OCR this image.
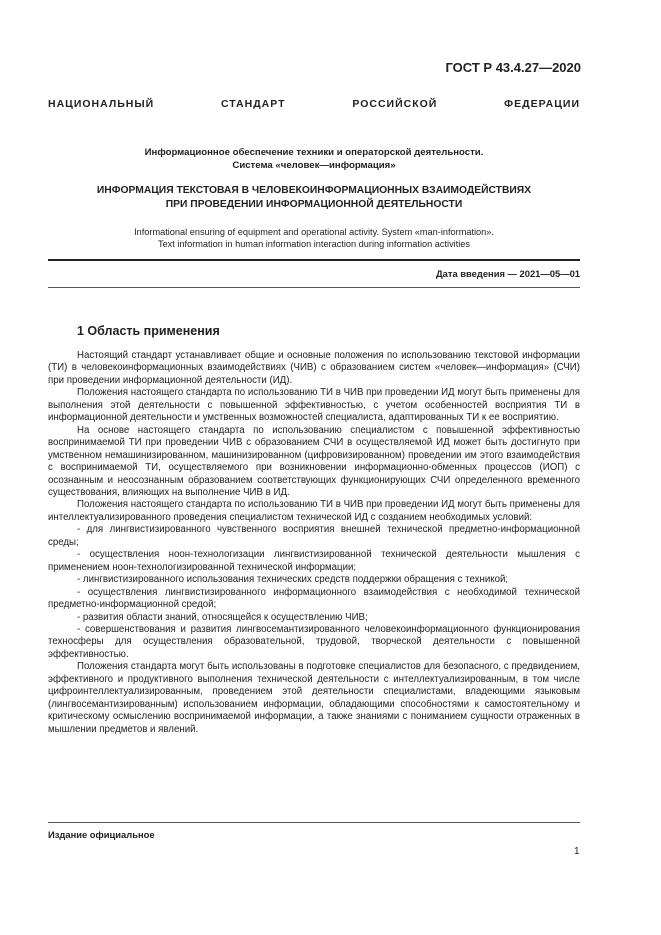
ГОСТ Р 43.4.27—2020
НАЦИОНАЛЬНЫЙ СТАНДАРТ РОССИЙСКОЙ ФЕДЕРАЦИИ
Информационное обеспечение техники и операторской деятельности.
Система «человек—информация»
ИНФОРМАЦИЯ ТЕКСТОВАЯ В ЧЕЛОВЕКОИНФОРМАЦИОННЫХ ВЗАИМОДЕЙСТВИЯХ
ПРИ ПРОВЕДЕНИИ ИНФОРМАЦИОННОЙ ДЕЯТЕЛЬНОСТИ
Informational ensuring of equipment and operational activity. System «man-information».
Text information in human information interaction during information activities
Дата введения — 2021—05—01
1 Область применения

Настоящий стандарт устанавливает общие и основные положения по использованию текстовой информации (ТИ) в человекоинформационных взаимодействиях (ЧИВ) с образованием систем «человек—информация» (СЧИ) при проведении информационной деятельности (ИД).

Положения настоящего стандарта по использованию ТИ в ЧИВ при проведении ИД могут быть применены для выполнения этой деятельности с повышенной эффективностью, с учетом особенностей восприятия ТИ в информационной деятельности и умственных возможностей специалиста, адаптированных ТИ к ее восприятию.

На основе настоящего стандарта по использованию специалистом с повышенной эффективностью воспринимаемой ТИ при проведении ЧИВ с образованием СЧИ в осуществляемой ИД может быть достигнуто при умственном немашинизированном, машинизированном (цифровизированном) проведении им этого взаимодействия с воспринимаемой ТИ, осуществляемого при возникновении информационно-обменных процессов (ИОП) с осознанным и неосознанным образованием соответствующих функционирующих СЧИ определенного временного существования, влияющих на выполнение ЧИВ в ИД.

Положения настоящего стандарта по использованию ТИ в ЧИВ при проведении ИД могут быть применены для интеллектуализированного проведения специалистом технической ИД с созданием необходимых условий:

- для лингвистизированного чувственного восприятия внешней технической предметно-информационной среды;

- осуществления ноон-технологизации лингвистизированной технической деятельности мышления с применением ноон-технологизированной технической информации;

- лингвистизированного использования технических средств поддержки обращения с техникой;

- осуществления лингвистизированного информационного взаимодействия с необходимой технической предметно-информационной средой;

- развития области знаний, относящейся к осуществлению ЧИВ;

- совершенствования и развития лингвосемантизированного человекоинформационного функционирования техносферы для осуществления образовательной, трудовой, творческой деятельности с повышенной эффективностью.

Положения стандарта могут быть использованы в подготовке специалистов для безопасного, с предвидением, эффективного и продуктивного выполнения технической деятельности с интеллектуализированным, в том числе цифроинтеллектуализированным, проведением этой деятельности специалистами, владеющими языковым (лингвосемантизированным) использованием информации, обладающими способностями к самостоятельному и критическому осмыслению воспринимаемой информации, а также знаниями с пониманием сущности отраженных в мышлении предметов и явлений.

Издание официальное
1
